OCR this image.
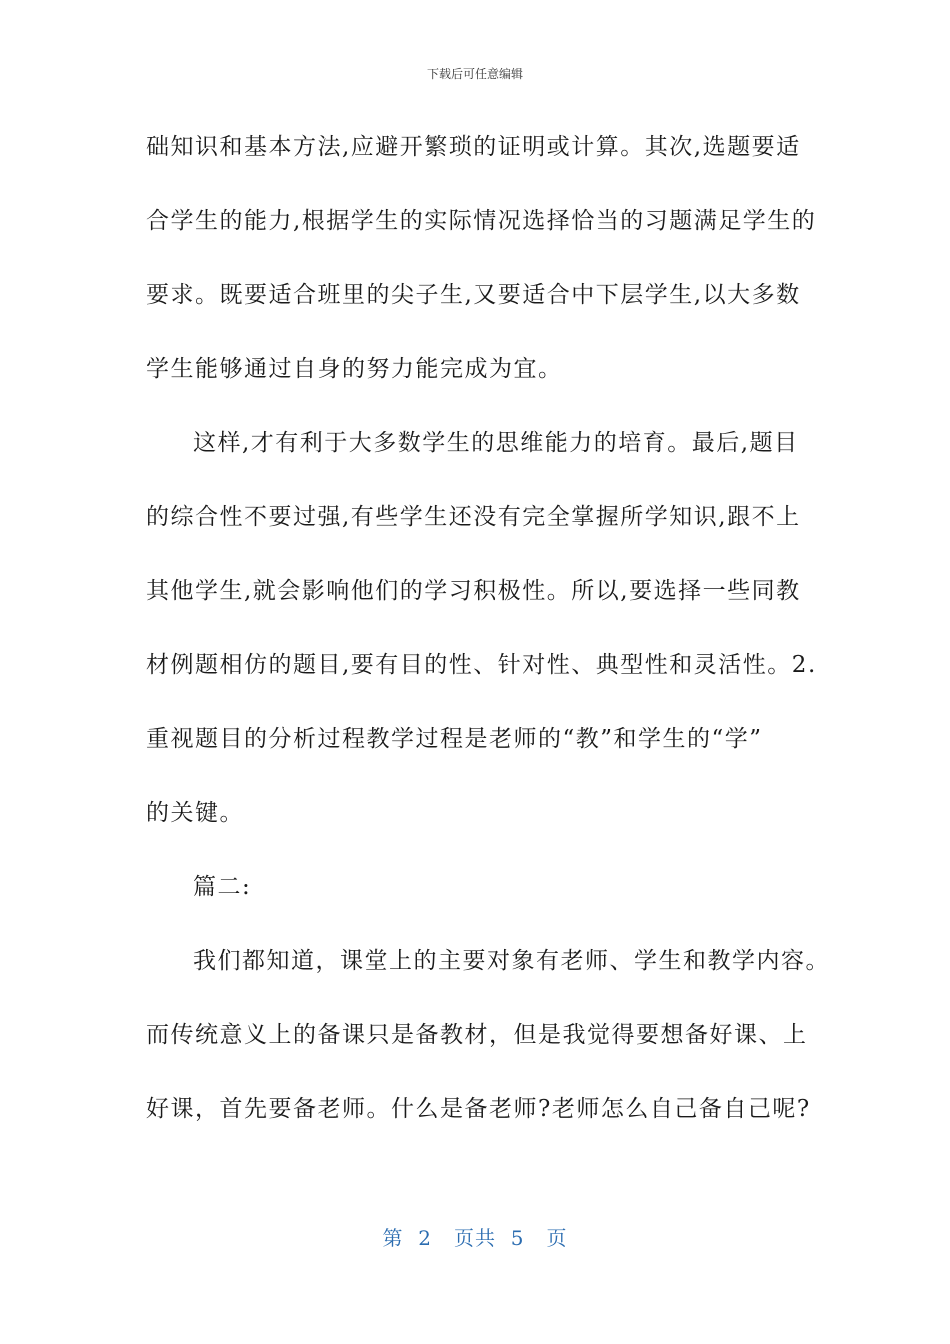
下载后可任意编辑
础知识和基本方法,应避开繁琐的证明或计算。其次,选题要适
合学生的能力,根据学生的实际情况选择恰当的习题满足学生的
要求。既要适合班里的尖子生,又要适合中下层学生,以大多数
学生能够通过自身的努力能完成为宜。
这样,才有利于大多数学生的思维能力的培育。最后,题目
的综合性不要过强,有些学生还没有完全掌握所学知识,跟不上
其他学生,就会影响他们的学习积极性。所以,要选择一些同教
材例题相仿的题目,要有目的性、针对性、典型性和灵活性。2.
重视题目的分析过程教学过程是老师的“教”和学生的“学”
的关键。
篇二:
我们都知道，课堂上的主要对象有老师、学生和教学内容。
而传统意义上的备课只是备教材，但是我觉得要想备好课、上
好课，首先要备老师。什么是备老师?老师怎么自己备自己呢?
第  2   页共  5   页
